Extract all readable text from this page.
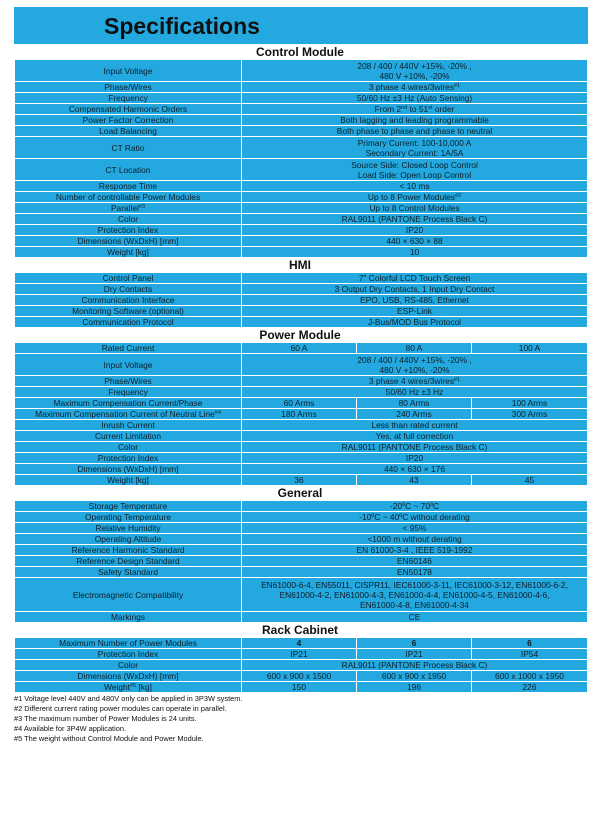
Specifications
Control Module
Input Voltage	208 / 400 / 440V +15%, -20% ,
480 V +10%, -20%
Phase/Wires	3 phase 4 wires/3wires$^{\#1}$
Frequency	50/60 Hz ±3 Hz (Auto Sensing)
Compensated Harmonic Orders	From 2nd to 51st order
Power Factor Correction	Both lagging and leading programmable
Load Balancing	Both phase to phase and phase to neutral
CT Ratio	Primary Current: 100-10,000 A
Secondary Current: 1A/5A
CT Location	Source Side: Closed Loop Control
Load Side: Open Loop Control
Response Time	< 10 ms
Number of controllable Power Modules	Up to 8 Power Modules$^{\#2}$
Parallel$^{\#3}$	Up to 8 Control Modules
Color	RAL9011 (PANTONE Process Black C)
Protection Index	IP20
Dimensions (WxDxH) [mm]	440 × 630 × 88
Weight [kg]	10
HMI
Control Panel	7" Colorful LCD Touch Screen
Dry Contacts	3 Output Dry Contacts, 1 Input Dry Contact
Communication Interface	EPO, USB, RS-485, Ethernet
Monitoring Software (optional)	ESP-Link
Communication Protocol	J-Bus/MOD Bus Protocol
Power Module
Rated Current	60 A	80 A	100 A
Input Voltage	208 / 400 / 440V +15%, -20% ,
480 V +10%, -20%		
Phase/Wires	3 phase 4 wires/3wires$^{\#1}$
Frequency	50/60 Hz ±3 Hz		
Maximum Compensation Current/Phase	60 Arms	80 Arms	100 Arms
Maximum Compensation Current of Neutral Line$^{\#4}$	180 Arms	240 Arms	300 Arms
Inrush Current	Less than rated current		
Current Limitation	Yes, at full correction		
Color	RAL9011 (PANTONE Process Black C)		
Protection Index	IP20		
Dimensions (WxDxH) [mm]	440 × 630 × 176		
Weight [kg]	36	43	45
General
Storage Temperature	-20ºC ~ 70ºC
Operating Temperature	-10ºC ~ 40ºC without derating
Relative Humidity	< 95%
Operating Altitude	<1000 m without derating
Reference Harmonic Standard	EN 61000-3-4 , IEEE 519-1992
Reference Design Standard	EN60146
Safety Standard	EN50178
Electromagnetic Compatibility	EN61000-6-4, EN55011, CISPR11, IEC61000-3-11, IEC61000-3-12, EN61000-6-2,
EN61000-4-2, EN61000-4-3, EN61000-4-4, EN61000-4-5, EN61000-4-6,
EN61000-4-8, EN61000-4-34
Markings	CE
Rack Cabinet
Maximum Number of Power Modules	4	6	6
Protection Index	IP21	IP21	IP54
Color	RAL9011 (PANTONE Process Black C)		
Dimensions (WxDxH) [mm]	600 x 900 x 1500	600 x 900 x 1950	600 x 1000 x 1950
Weight$^{\#5}$ [kg]	150	196	226
#1 Voltage level 440V and 480V only can be applied in 3P3W system.
#2 Different current rating power modules can operate in parallel.
#3 The maximum number of Power Modules is 24 units.
#4 Available for 3P4W application.
#5 The weight without Control Module and Power Module.
